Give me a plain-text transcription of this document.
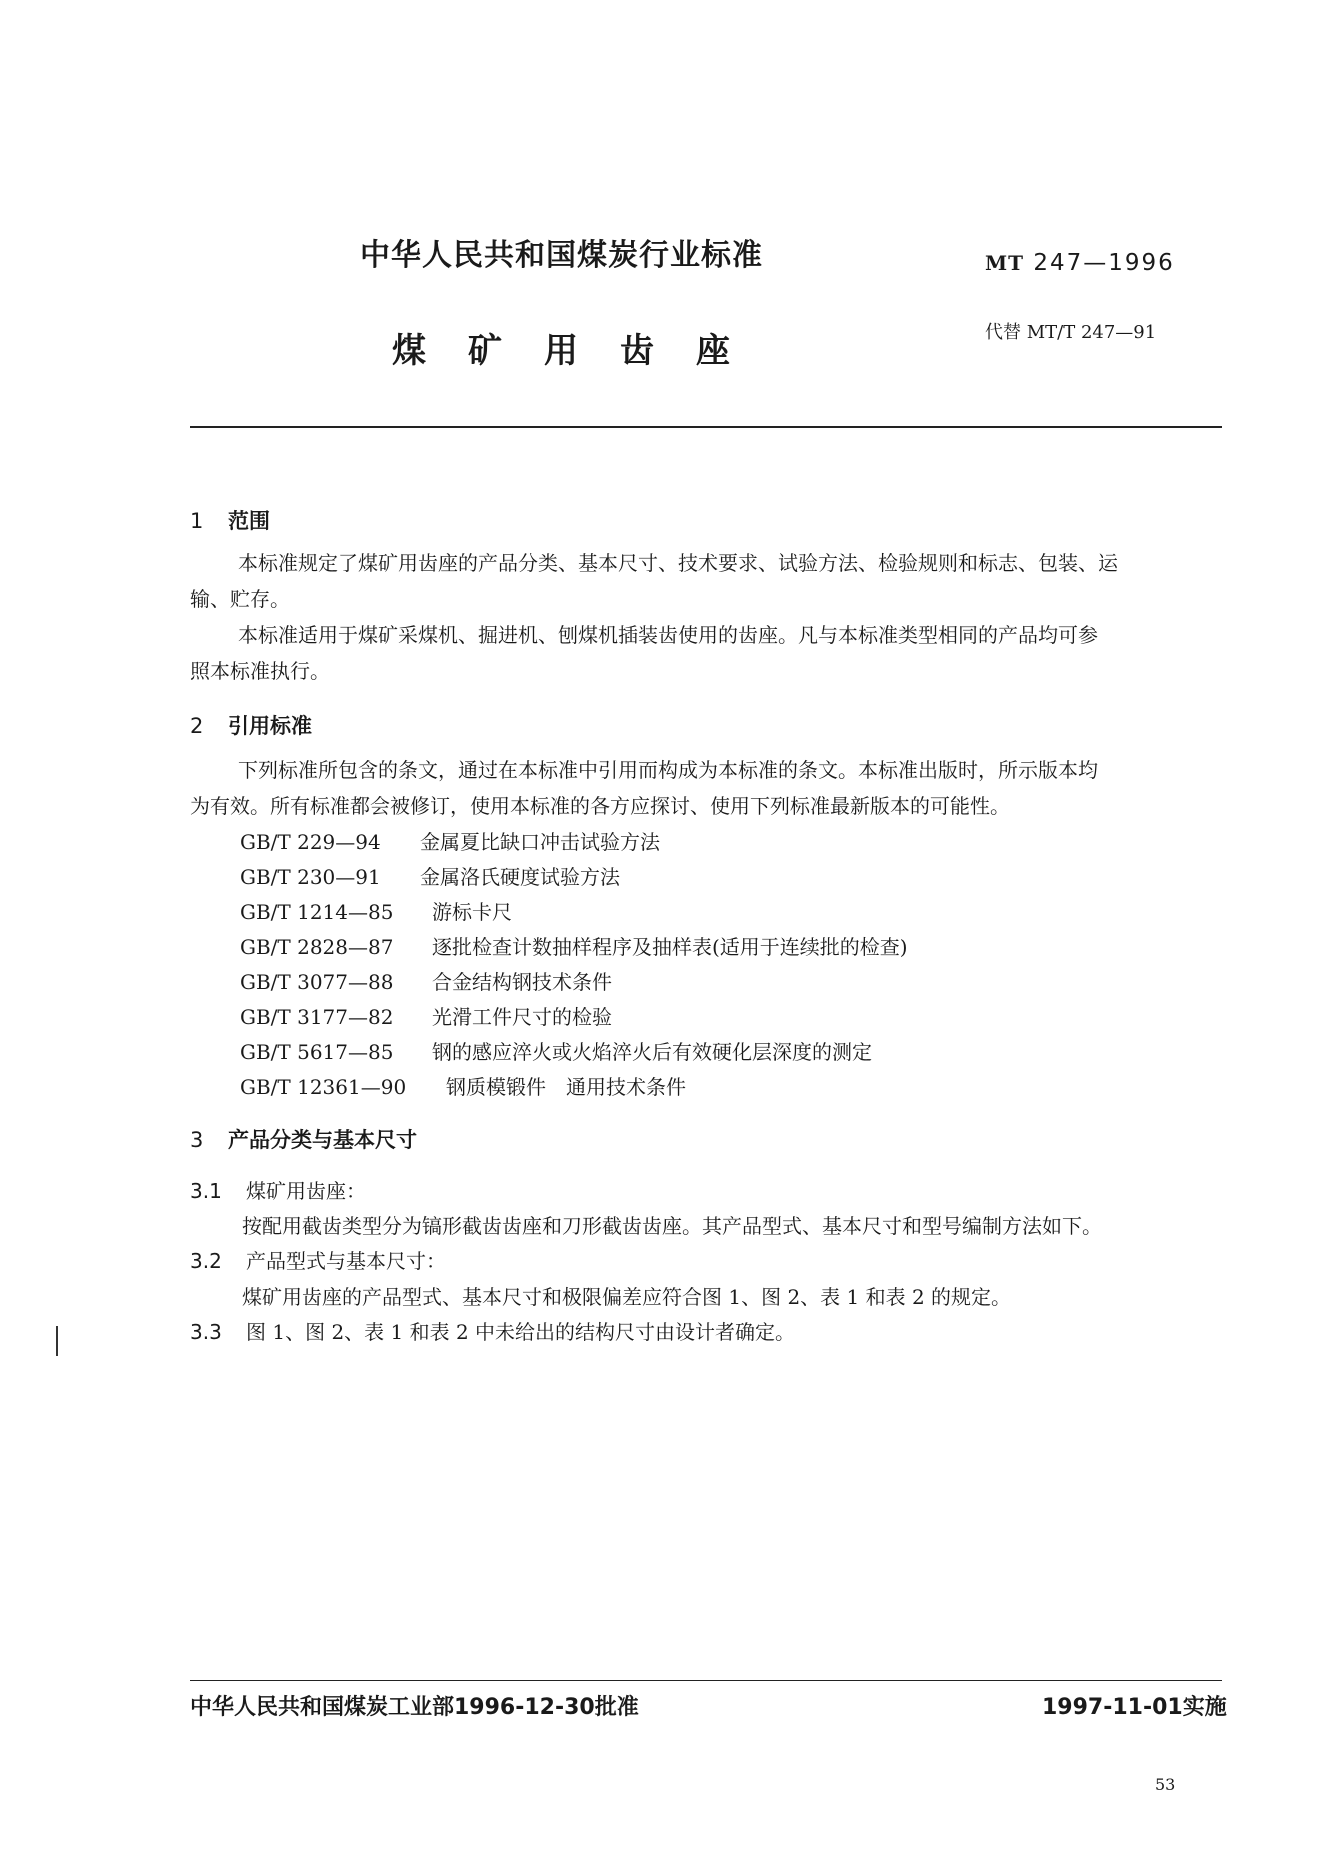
中华人民共和国煤炭行业标准	MT 247—1996
煤矿用齿座	代替 MT/T 247—91
1 范围
本标准规定了煤矿用齿座的产品分类、基本尺寸、技术要求、试验方法、检验规则和标志、包装、运
输、贮存。
本标准适用于煤矿采煤机、掘进机、刨煤机插装齿使用的齿座。凡与本标准类型相同的产品均可参
照本标准执行。
2 引用标准
下列标准所包含的条文，通过在本标准中引用而构成为本标准的条文。本标准出版时，所示版本均
为有效。所有标准都会被修订，使用本标准的各方应探讨、使用下列标准最新版本的可能性。
GB/T 229—94 金属夏比缺口冲击试验方法
GB/T 230—91 金属洛氏硬度试验方法
GB/T 1214—85 游标卡尺
GB/T 2828—87 逐批检查计数抽样程序及抽样表(适用于连续批的检查)
GB/T 3077—88 合金结构钢技术条件
GB/T 3177—82 光滑工件尺寸的检验
GB/T 5617—85 钢的感应淬火或火焰淬火后有效硬化层深度的测定
GB/T 12361—90 钢质模锻件　通用技术条件
3 产品分类与基本尺寸
3.1 煤矿用齿座：
按配用截齿类型分为镐形截齿齿座和刀形截齿齿座。其产品型式、基本尺寸和型号编制方法如下。
3.2 产品型式与基本尺寸：
煤矿用齿座的产品型式、基本尺寸和极限偏差应符合图 1、图 2、表 1 和表 2 的规定。
3.3 图 1、图 2、表 1 和表 2 中未给出的结构尺寸由设计者确定。
中华人民共和国煤炭工业部1996-12-30批准	1997-11-01实施
53
